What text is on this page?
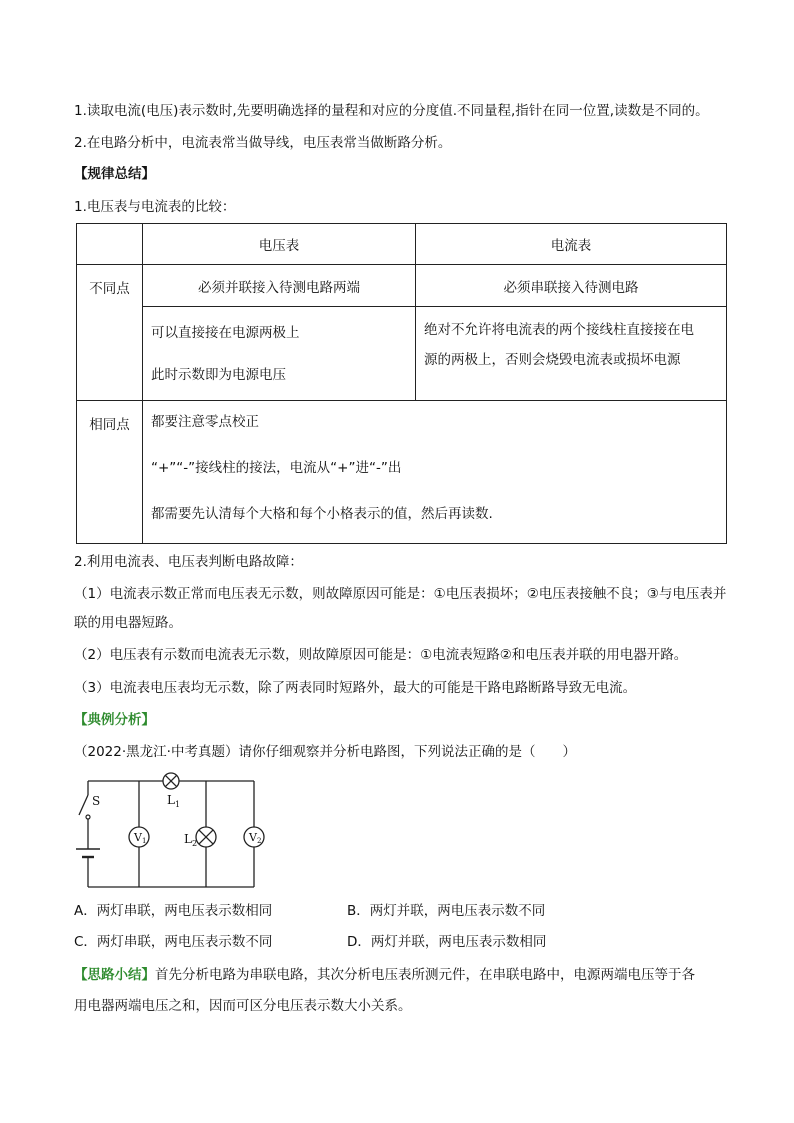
1.读取电流(电压)表示数时,先要明确选择的量程和对应的分度值.不同量程,指针在同一位置,读数是不同的。
2.在电路分析中，电流表常当做导线，电压表常当做断路分析。
【规律总结】
1.电压表与电流表的比较：
	电压表	电流表
不同点	必须并联接入待测电路两端	必须串联接入待测电路

	可以直接接在电源两极上
此时示数即为电源电压	绝对不允许将电流表的两个接线柱直接接在电
源的两极上，否则会烧毁电流表或损坏电源

相同点	都要注意零点校正
“+”“-”接线柱的接法，电流从“+”进“-”出
都需要先认清每个大格和每个小格表示的值，然后再读数.	
2.利用电流表、电压表判断电路故障：
（1）电流表示数正常而电压表无示数，则故障原因可能是：①电压表损坏；②电压表接触不良；③与电压表并
联的用电器短路。
（2）电压表有示数而电流表无示数，则故障原因可能是：①电流表短路②和电压表并联的用电器开路。
（3）电流表电压表均无示数，除了两表同时短路外，最大的可能是干路电路断路导致无电流。
【典例分析】
（2022·黑龙江·中考真题）请你仔细观察并分析电路图，下列说法正确的是（　　）
S	$L_1$
$L_2$
V1	V2
A．两灯串联，两电压表示数相同	B．两灯并联，两电压表示数不同
C．两灯串联，两电压表示数不同	D．两灯并联，两电压表示数相同
【思路小结】首先分析电路为串联电路，其次分析电压表所测元件，在串联电路中，电源两端电压等于各
用电器两端电压之和，因而可区分电压表示数大小关系。
